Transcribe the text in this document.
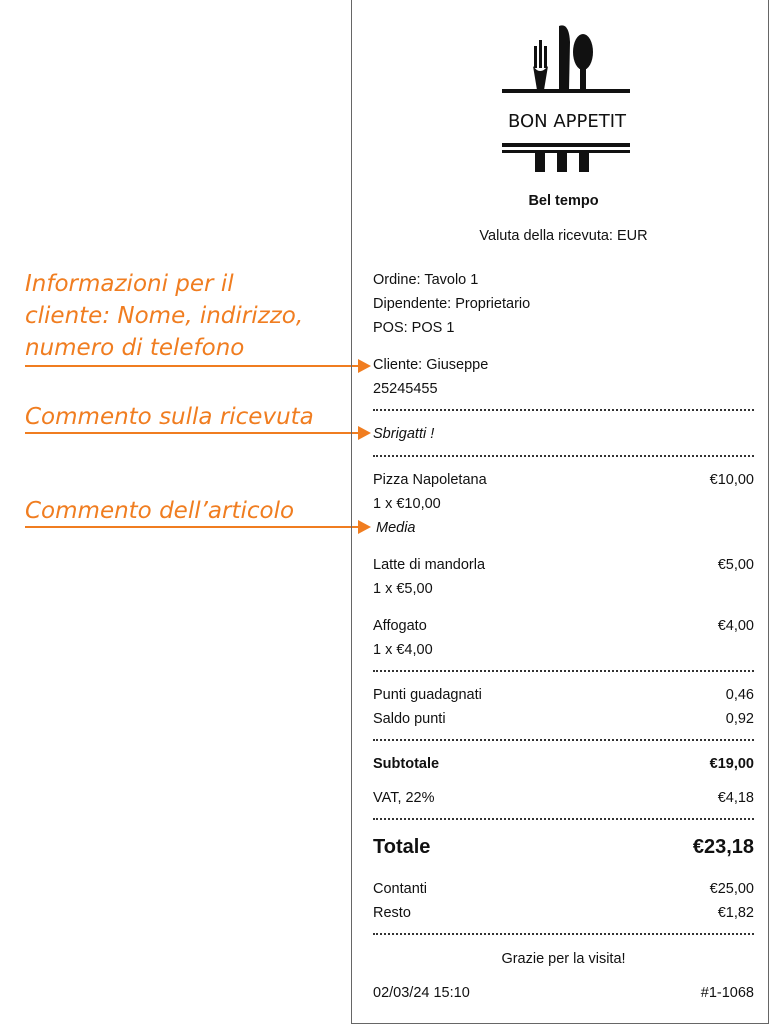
Informazioni per il
cliente: Nome, indirizzo,
numero di telefono
Commento sulla ricevuta
Commento dell’articolo
BON APPETIT
Bel tempo
Valuta della ricevuta: EUR
Ordine: Tavolo 1
Dipendente: Proprietario
POS: POS 1
Cliente: Giuseppe
25245455
Sbrigatti !
Pizza Napoletana	€10,00
1 x €10,00
Media
Latte di mandorla	€5,00
1 x €5,00
Affogato	€4,00
1 x €4,00
Punti guadagnati	0,46
Saldo punti	0,92
Subtotale	€19,00
VAT, 22%	€4,18
Totale	€23,18
Contanti	€25,00
Resto	€1,82
Grazie per la visita!
02/03/24 15:10	#1-1068
